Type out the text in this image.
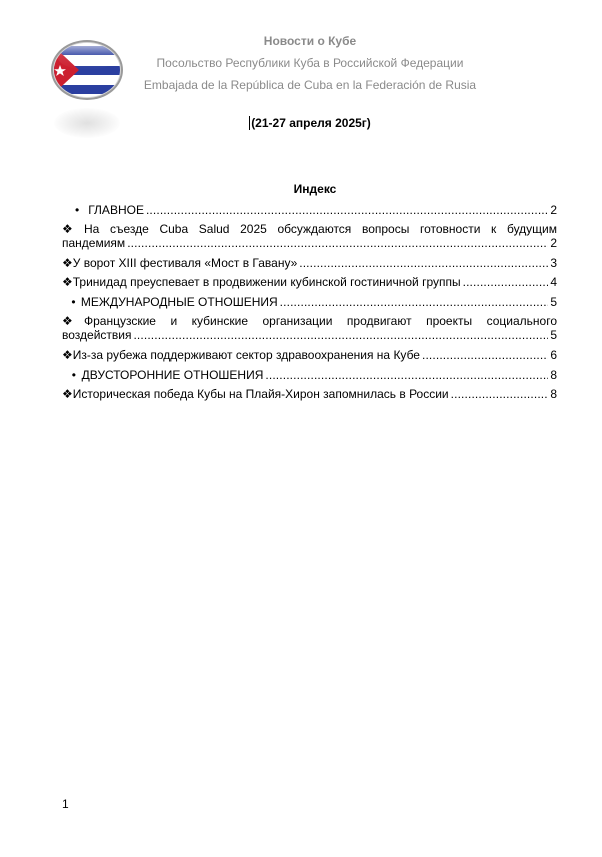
Новости о Кубе
Посольство Республики Куба в Российской Федерации
Embajada de la República de Cuba en la Federación de Rusia
(21-27 апреля 2025г)
Индекс
• ГЛАВНОЕ . . .	2
❖ На съезде Cuba Salud 2025 обсуждаются вопросы готовности к будущим
пандемиям . . .	2
❖ У ворот XIII фестиваля «Мост в Гавану» . . .	3
❖ Тринидад преуспевает в продвижении кубинской гостиничной группы . . .	4
• МЕЖДУНАРОДНЫЕ ОТНОШЕНИЯ . . .	5
❖ Французские и кубинские организации продвигают проекты социального
воздействия . . .	5
❖ Из-за рубежа поддерживают сектор здравоохранения на Кубе . . .	6
• ДВУСТОРОННИЕ ОТНОШЕНИЯ . . .	8
❖ Историческая победа Кубы на Плайя-Хирон запомнилась в России . . .	8
1
